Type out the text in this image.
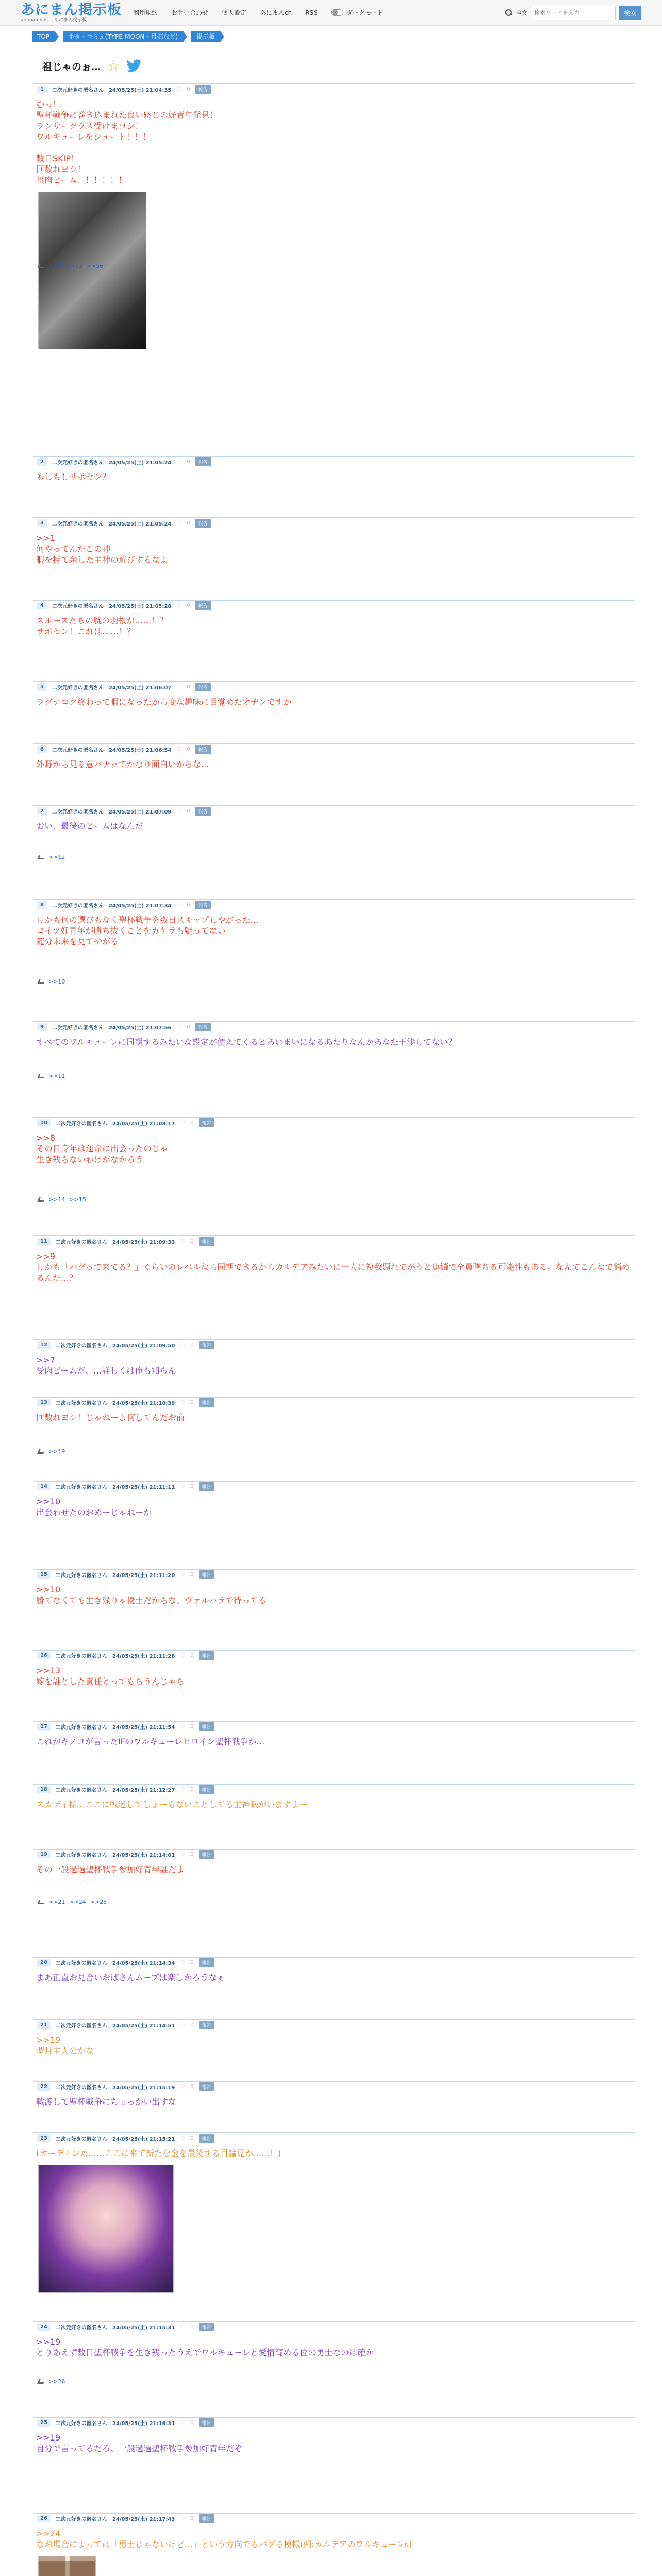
あにまん掲示板
animan bbs … あにまん掲示板
利用規約 お問い合わせ 個人設定 あにまんch RSS	ダークモード	全文
検索ワードを入力	検索
TOP	ネタ・コミュ(TYPE-MOON・月姫など)	掲示板
祖じゃのぉ… ☆
1	二次元好きの匿名さん 24/05/25(土) 21:04:35 ♡ 0	報告
むっ！
聖杯戦争に巻き込まれた良い感じの好青年発見！
ランサークラス受けまヨシ！
ワルキューレをシュート！！！

数日SKIP！
回数れヨシ！
祖肉ビーム！！！！！！
>>3 >>53 >>56
2	二次元好きの匿名さん 24/05/25(土) 21:05:24 ♡ 0	報告
もしもしサポセン？
3	二次元好きの匿名さん 24/05/25(土) 21:05:24 ♡ 0	報告
>>1
何やってんだこの神
暇を持て余した主神の遊びするなよ
4	二次元好きの匿名さん 24/05/25(土) 21:05:28 ♡ 0	報告
スルーズたちの腕の羽根が……！？
サポセン！これは……！？
5	二次元好きの匿名さん 24/05/25(土) 21:06:07 ♡ 0	報告
ラグナロク終わって暇になったから変な趣味に目覚めたオヂンですか
6	二次元好きの匿名さん 24/05/25(土) 21:06:54 ♡ 0	報告
外野から見る意バナッてかなり面白いからな…
7	二次元好きの匿名さん 24/05/25(土) 21:07:09 ♡ 0	報告
おい、最後のビームはなんだ
>>12
8	二次元好きの匿名さん 24/05/25(土) 21:07:34 ♡ 0	報告
しかも何の選びもなく聖杯戦争を数日スキップしやがった…
コイツ好青年が勝ち抜くことをカケラも疑ってない
随分未来を見てやがる
>>10
9	二次元好きの匿名さん 24/05/25(土) 21:07:56 ♡ 0	報告
すべてのワルキューレに同期するみたいな設定が使えてくるとあいまいになるあたりなんかあなた干渉してない？
>>11
10	二次元好きの匿名さん 24/05/25(土) 21:08:17 ♡ 0	報告
>>8
その日身年は運命に出会ったのじゃ
生き残らないわけがなかろう
>>14 >>15
11	二次元好きの匿名さん 24/05/25(土) 21:09:33 ♡ 0	報告
>>9
しかも「バグって来てる？」ぐらいのレベルなら同期できるからカルデアみたいに一人に複数顕れてがうと連鎖で全員墜ちる可能性もある。なんてこんなで悩めるんだ…？
12	二次元好きの匿名さん 24/05/25(土) 21:09:50 ♡ 0	報告
>>7
受肉ビームだ、…詳しくは俺も知らん
13	二次元好きの匿名さん 24/05/25(土) 21:10:39 ♡ 0	報告
回数れヨシ！じゃねーよ何してんだお前
>>19
14	二次元好きの匿名さん 24/05/25(土) 21:11:11 ♡ 0	報告
>>10
出会わせたのおめーじゃねーか
15	二次元好きの匿名さん 24/05/25(土) 21:11:20 ♡ 0	報告
>>10
勝てなくても生き残りゃ優士だからな、ヴァルハラで待ってる
16	二次元好きの匿名さん 24/05/25(土) 21:11:28 ♡ 0	報告
>>13
嫁を誰とした責任とってもらうんじゃら
17	二次元好きの匿名さん 24/05/25(土) 21:11:54 ♡ 0	報告
これがキノコが言ったIFのワルキューレヒロイン聖杯戦争か…
18	二次元好きの匿名さん 24/05/25(土) 21:12:27 ♡ 0	報告
スカディ様…ここに戦迷してしょーもないことしてる主神眠がいますよー
19	二次元好きの匿名さん 24/05/25(土) 21:14:01 ♡ 0	報告
その一般過過聖杯戦争参加好青年誰だよ
>>21 >>24 >>25
20	二次元好きの匿名さん 24/05/25(土) 21:14:34 ♡ 0	報告
まあ正直お見合いおばさんムーブは楽しかろうなぁ
21	二次元好きの匿名さん 24/05/25(土) 21:14:51 ♡ 0	報告
>>19
型月主人公かな
22	二次元好きの匿名さん 24/05/25(土) 21:15:19 ♡ 0	報告
戦渡して聖杯戦争にちょっかい出すな
23	二次元好きの匿名さん 24/05/25(土) 21:15:21 ♡ 0	報告
(オーディンめ……ここに来て新たな金を最後する目論見か……！)
24	二次元好きの匿名さん 24/05/25(土) 21:15:31 ♡ 0	報告
>>19
とりあえず数日聖杯戦争を生き残ったうえでワルキューレと愛情育める位の勇士なのは確か
>>26
25	二次元好きの匿名さん 24/05/25(土) 21:16:31 ♡ 0	報告
>>19
自分で言ってるだろ、一般過過聖杯戦争参加好青年だぞ
26	二次元好きの匿名さん 24/05/25(土) 21:17:43 ♡ 0	報告
>>24
なお場合によっては「勇士じゃないけど…」という方向でもバグる模様(例:カルデアのワルキューレs)
